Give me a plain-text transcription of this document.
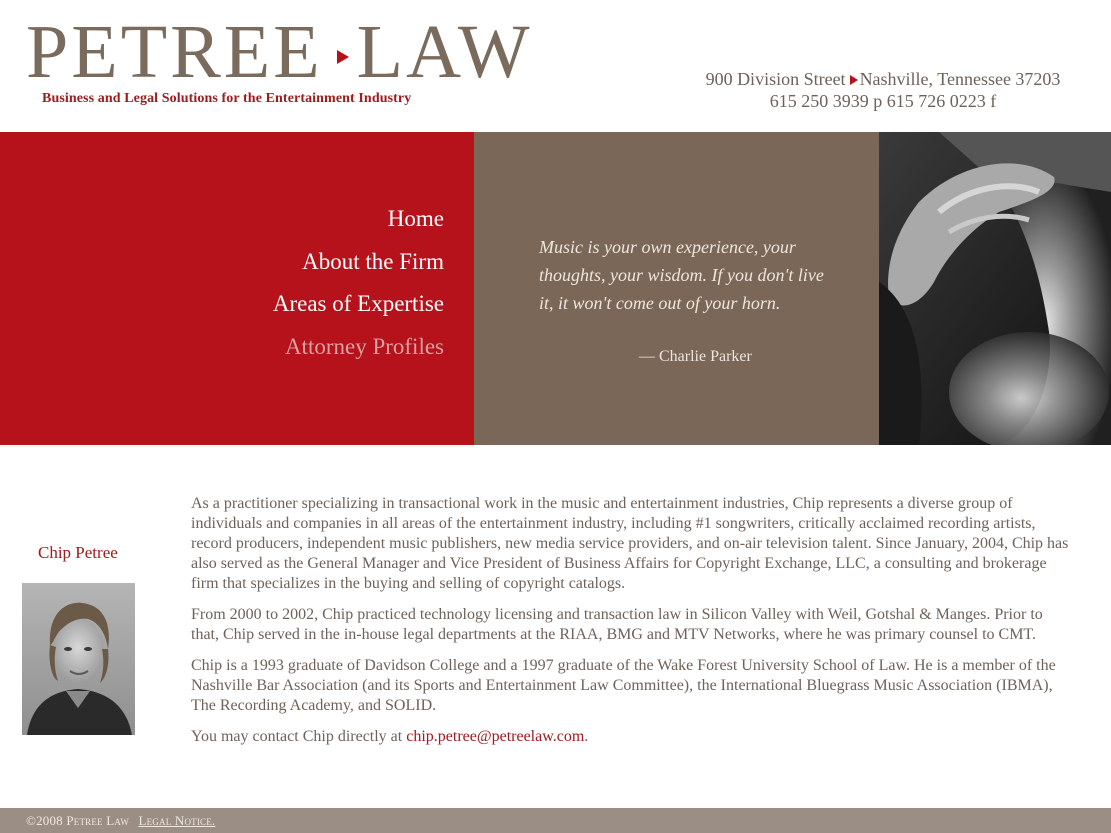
PETREE LAW
Business and Legal Solutions for the Entertainment Industry
900 Division Street Nashville, Tennessee 37203
615 250 3939 p 615 726 0223 f
Home
About the Firm
Areas of Expertise
Attorney Profiles
Music is your own experience, your thoughts, your wisdom. If you don't live it, it won't come out of your horn.
— Charlie Parker
Chip Petree

As a practitioner specializing in transactional work in the music and entertainment industries, Chip represents a diverse group of individuals and companies in all areas of the entertainment industry, including #1 songwriters, critically acclaimed recording artists, record producers, independent music publishers, new media service providers, and on-air television talent. Since January, 2004, Chip has also served as the General Manager and Vice President of Business Affairs for Copyright Exchange, LLC, a consulting and brokerage firm that specializes in the buying and selling of copyright catalogs.

From 2000 to 2002, Chip practiced technology licensing and transaction law in Silicon Valley with Weil, Gotshal & Manges. Prior to that, Chip served in the in-house legal departments at the RIAA, BMG and MTV Networks, where he was primary counsel to CMT.

Chip is a 1993 graduate of Davidson College and a 1997 graduate of the Wake Forest University School of Law. He is a member of the Nashville Bar Association (and its Sports and Entertainment Law Committee), the International Bluegrass Music Association (IBMA), The Recording Academy, and SOLID.

You may contact Chip directly at chip.petree@petreelaw.com.

©2008 Petree Law Legal Notice.
